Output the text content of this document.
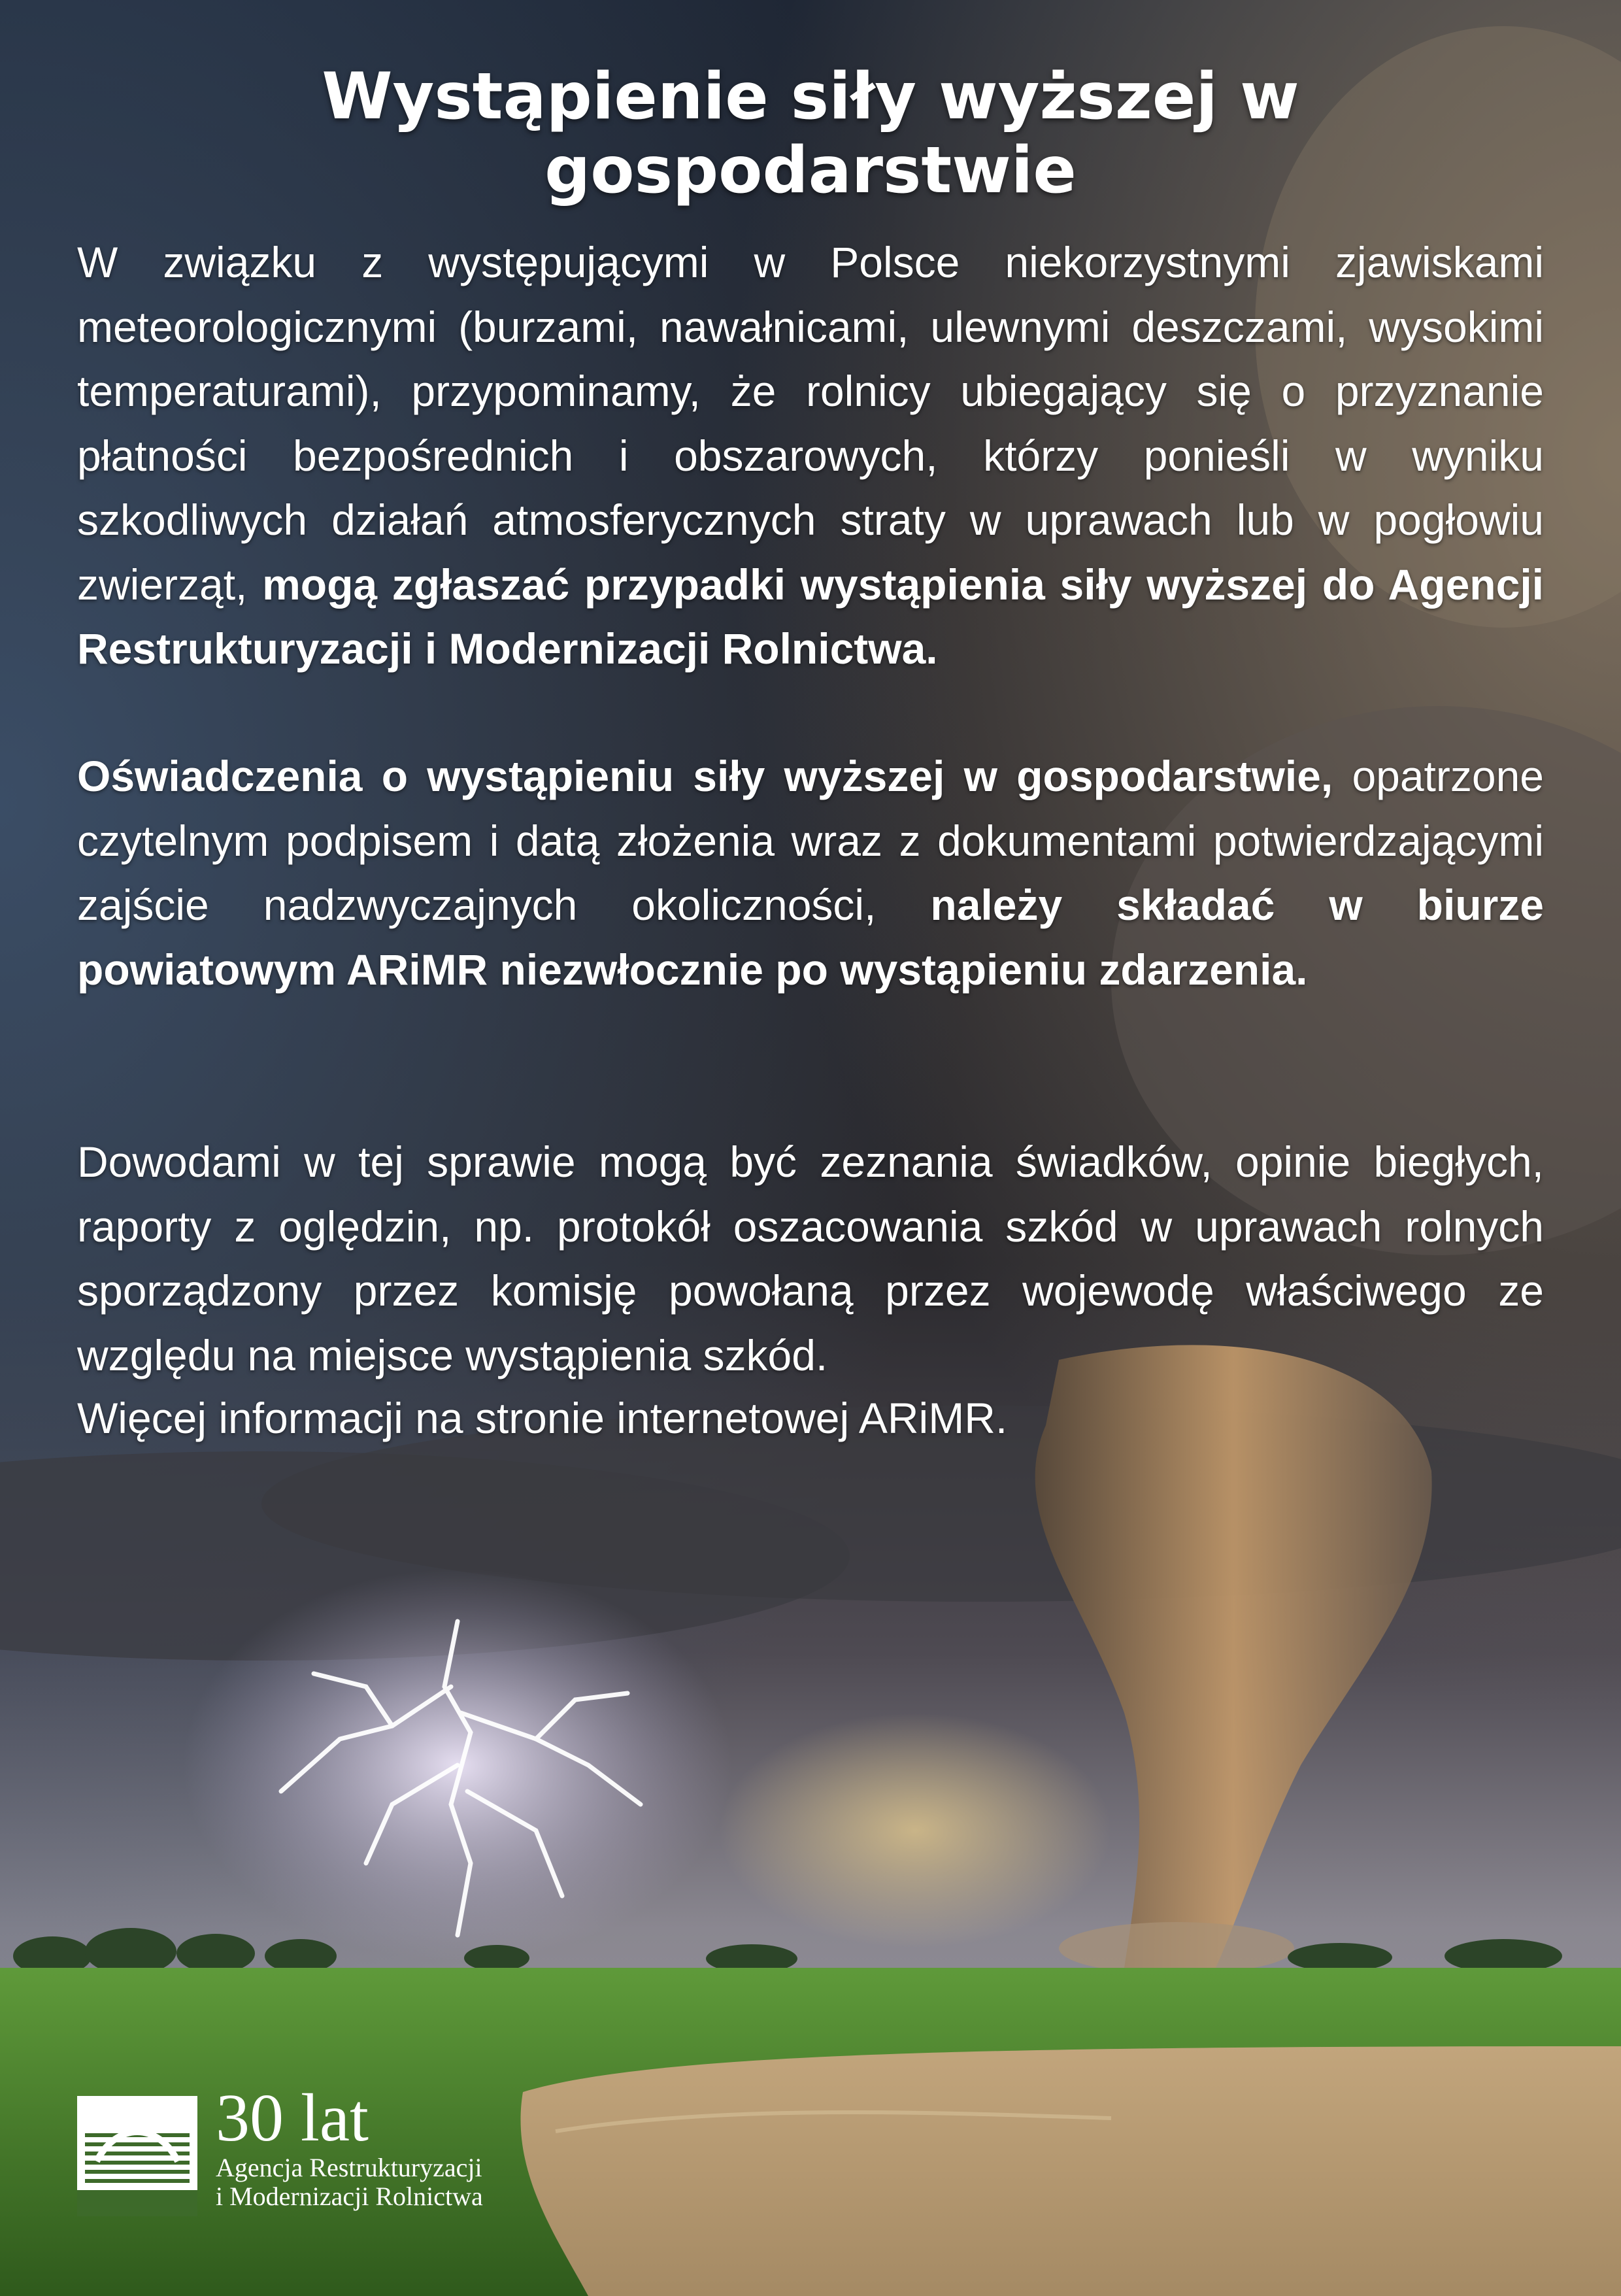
Wystąpienie siły wyższej w gospodarstwie

W związku z występującymi w Polsce niekorzystnymi zjawiskami meteorologicznymi (burzami, nawałnicami, ulewnymi deszczami, wysokimi temperaturami), przypominamy, że rolnicy ubiegający się o przyznanie płatności bezpośrednich i obszarowych, którzy ponieśli w wyniku szkodliwych działań atmosferycznych straty w uprawach lub w pogłowiu zwierząt, mogą zgłaszać przypadki wystąpienia siły wyższej do Agencji Restrukturyzacji i Modernizacji Rolnictwa.

Oświadczenia o wystąpieniu siły wyższej w gospodarstwie, opatrzone czytelnym podpisem i datą złożenia wraz z dokumentami potwierdzającymi zajście nadzwyczajnych okoliczności, należy składać w biurze powiatowym ARiMR niezwłocznie po wystąpieniu zdarzenia.

Dowodami w tej sprawie mogą być zeznania świadków, opinie biegłych, raporty z oględzin, np. protokół oszacowania szkód w uprawach rolnych sporządzony przez komisję powołaną przez wojewodę właściwego ze względu na miejsce wystąpienia szkód.

Więcej informacji na stronie internetowej ARiMR.

30 lat
Agencja Restrukturyzacji
i Modernizacji Rolnictwa
